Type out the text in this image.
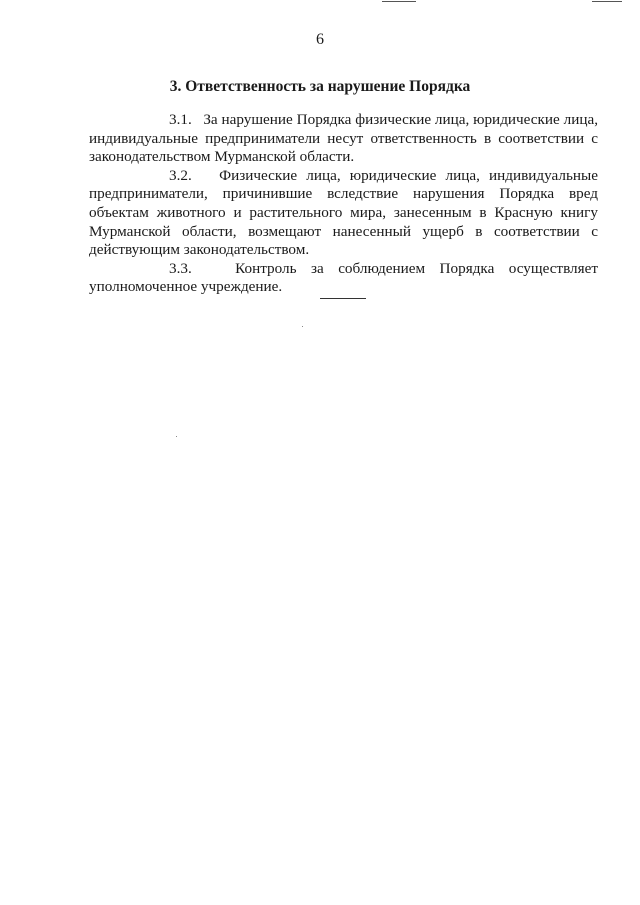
6
3. Ответственность за нарушение Порядка

3.1. За нарушение Порядка физические лица, юридические лица, индивидуальные предприниматели несут ответственность в соответствии с законодательством Мурманской области.

3.2. Физические лица, юридические лица, индивидуальные предприниматели, причинившие вследствие нарушения Порядка вред объектам животного и растительного мира, занесенным в Красную книгу Мурманской области, возмещают нанесенный ущерб в соответствии с действующим законодательством.

3.3.	Контроль за соблюдением Порядка осуществляет уполномоченное учреждение.
